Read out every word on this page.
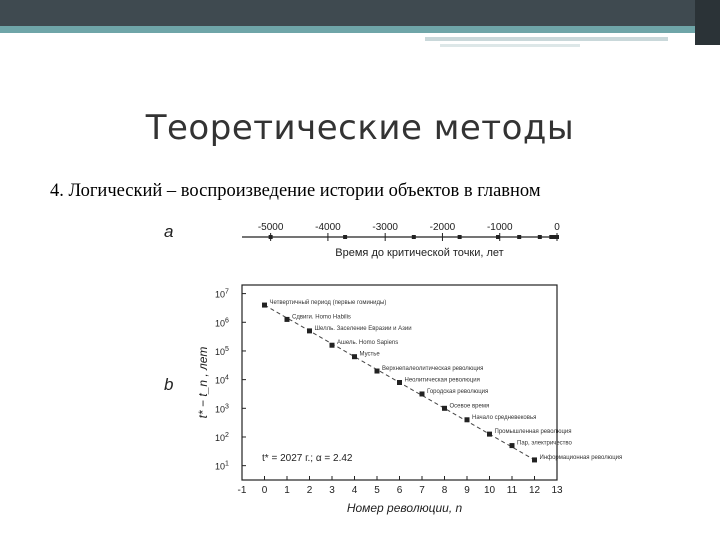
Теоретические методы
4. Логический – воспроизведение истории объектов в главном
a	-5000	-4000	-3000	-2000	-1000	0
Время до критической точки, лет
b
-1 0 1 2 3 4 5 6 7 8 9 10 11 12 13
$10^1$
$10^2$
$10^3$
$10^4$
$10^5$
$10^6$
$10^7$
Четвертичный период (первые гоминиды)
Сдвиги. Homo Habilis
Шелль. Заселение Евразии и Азии
Ашель. Homo Sapiens
Мустье
Верхнепалеолитическая революция
Неолитическая революция
Городская революция
Осевое время
Начало средневековья
Промышленная революция
Пар, электричество
Информационная революция
t* = 2027 г.; α = 2.42
t* − t_n , лет
Номер революции, n
